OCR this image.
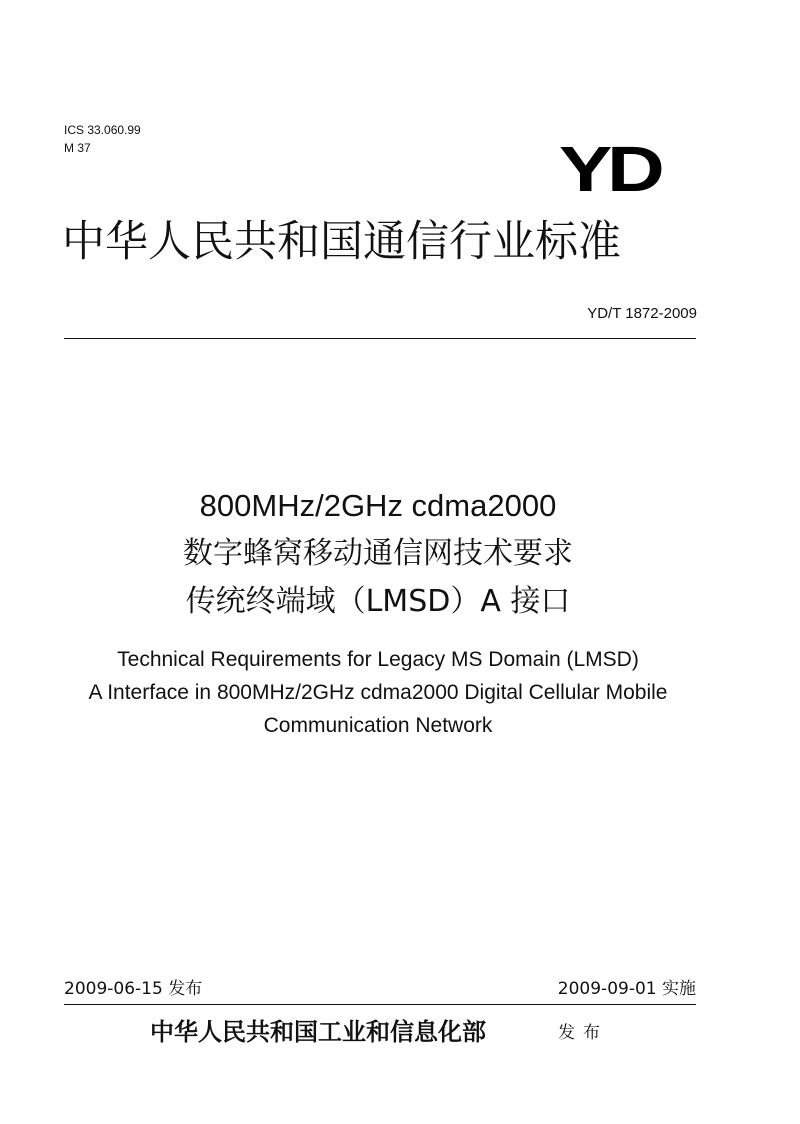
ICS 33.060.99
M 37	Y
D
中华人民共和国通信行业标准
YD/T 1872-2009
800MHz/2GHz cdma2000
数字蜂窝移动通信网技术要求
传统终端域（LMSD）A 接口
Technical Requirements for Legacy MS Domain (LMSD)
A Interface in 800MHz/2GHz cdma2000 Digital Cellular Mobile
Communication Network
2009-06-15 发布	2009-09-01 实施
中华人民共和国工业和信息化部	发布
